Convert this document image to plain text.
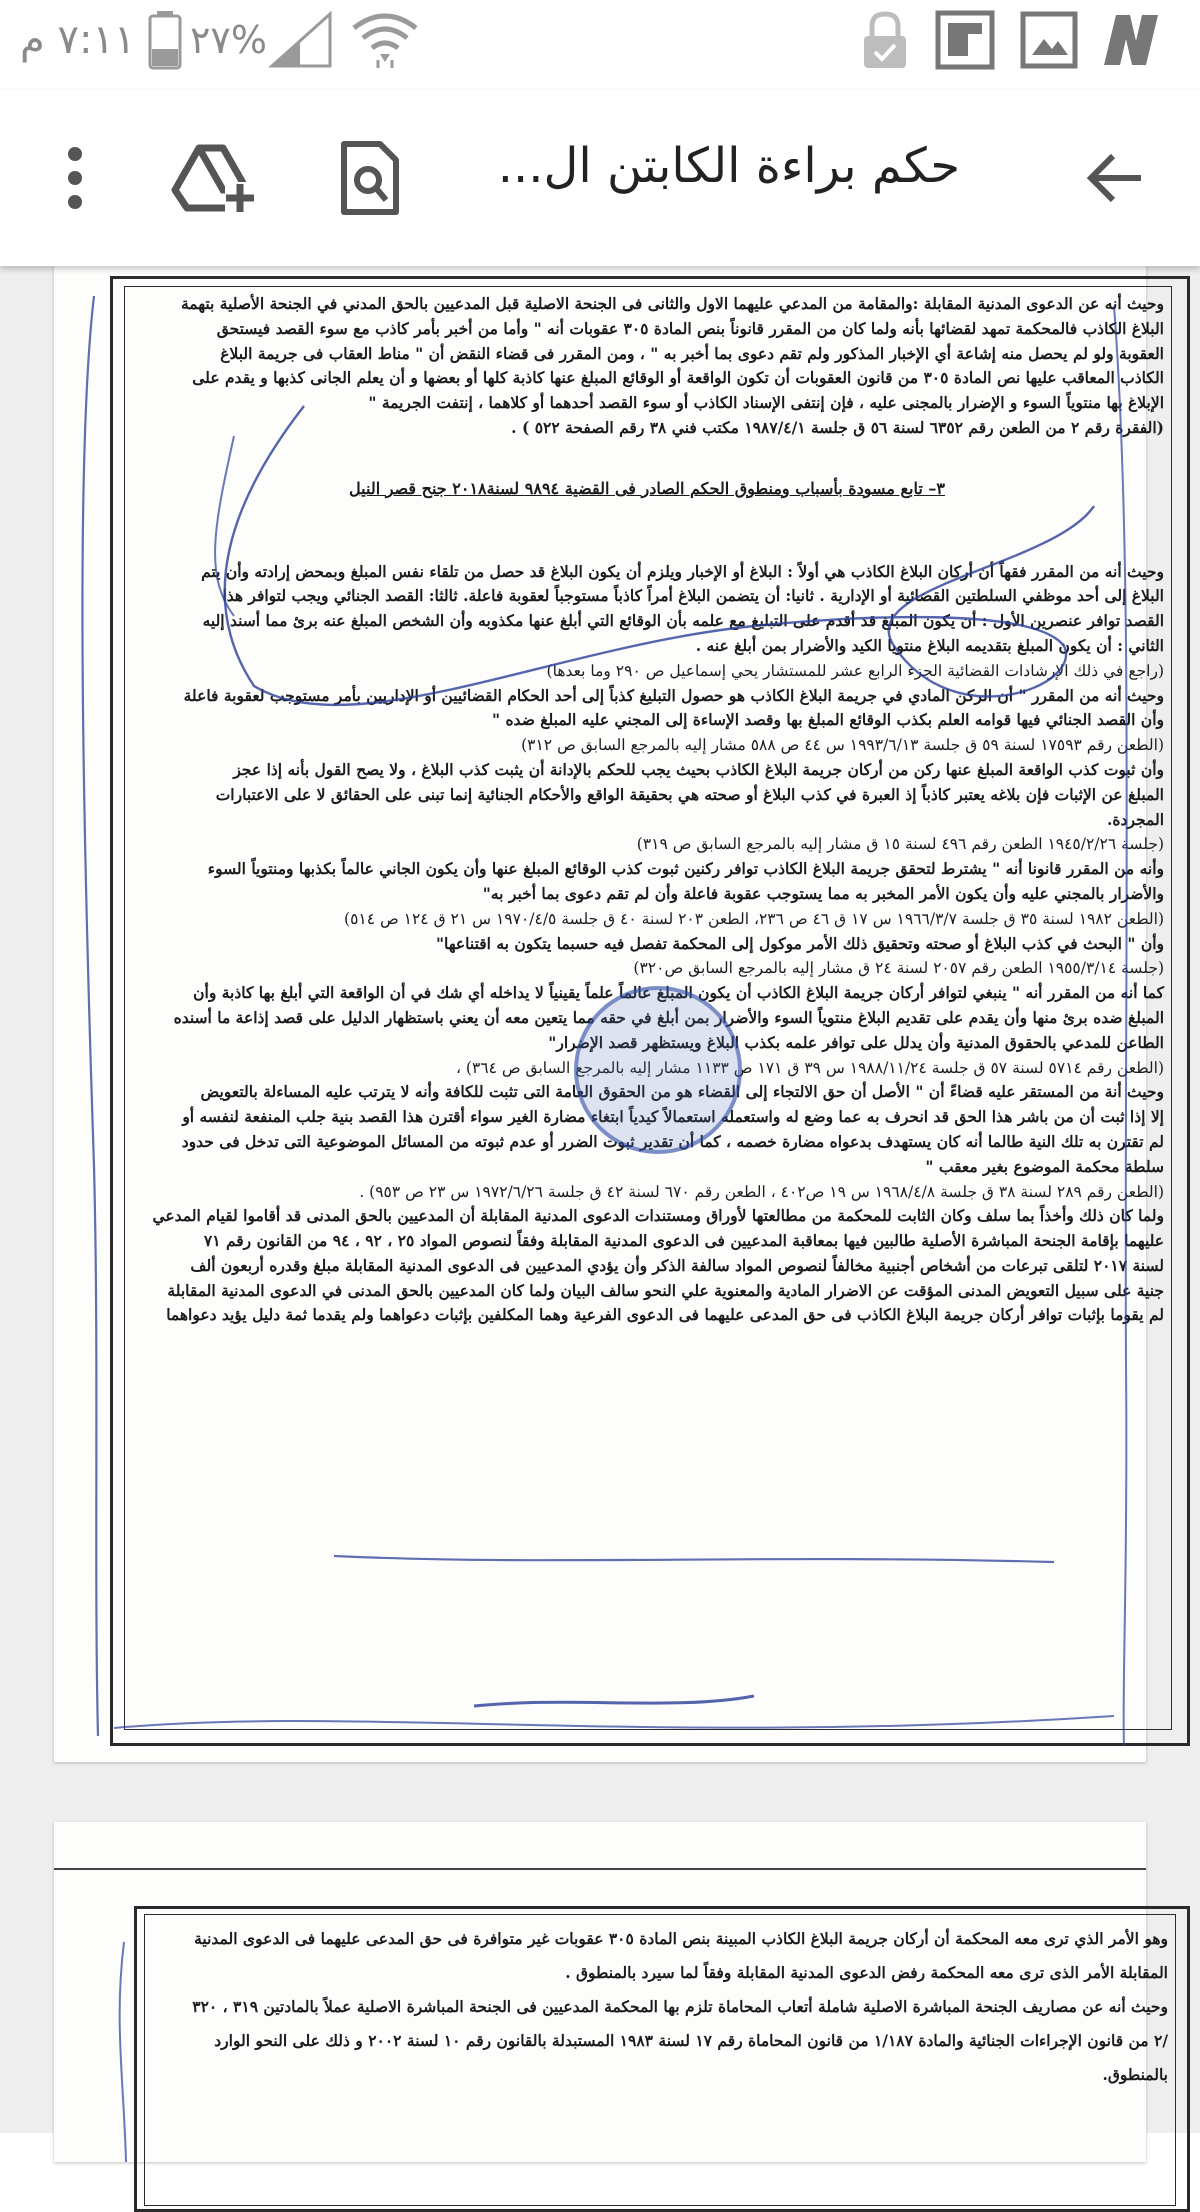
٧:١١ م %٢٧
حكم براءة الكابتن ال...

وحيث أنه عن الدعوى المدنية المقابلة :والمقامة من المدعي عليهما الاول والثانى فى الجنحة الاصلية قبل المدعيين بالحق المدني في الجنحة الأصلية بتهمة

البلاغ الكاذب فالمحكمة تمهد لقضائها بأنه ولما كان من المقرر قانوناً بنص المادة ٣٠٥ عقوبات أنه " وأما من أخبر بأمر كاذب مع سوء القصد فيستحق

العقوبة ولو لم يحصل منه إشاعة أي الإخبار المذكور ولم تقم دعوى بما أخبر به " ، ومن المقرر فى قضاء النقض أن " مناط العقاب فى جريمة البلاغ

الكاذب المعاقب عليها نص المادة ٣٠٥ من قانون العقوبات أن تكون الواقعة أو الوقائع المبلغ عنها كاذبة كلها أو بعضها و أن يعلم الجانى كذبها و يقدم على

الإبلاغ بها منتوياً السوء و الإضرار بالمجنى عليه ، فإن إنتفى الإسناد الكاذب أو سوء القصد أحدهما أو كلاهما ، إنتفت الجريمة "

(الفقرة رقم ٢ من الطعن رقم ٦٣٥٢ لسنة ٥٦ ق جلسة ١٩٨٧/٤/١ مكتب فني ٣٨ رقم الصفحة ٥٢٢ ) .

٣– تابع مسودة بأسباب ومنطوق الحكم الصادر فى القضية ٩٨٩٤ لسنة٢٠١٨ جنح قصر النيل

وحيث أنه من المقرر فقهاً أن أركان البلاغ الكاذب هي أولاً : البلاغ أو الإخبار ويلزم أن يكون البلاغ قد حصل من تلقاء نفس المبلغ وبمحض إرادته وأن يتم

البلاغ إلى أحد موظفي السلطتين القضائية أو الإدارية . ثانيا: أن يتضمن البلاغ أمراً كاذباً مستوجباً لعقوبة فاعلة. ثالثا: القصد الجنائي ويجب لتوافر هذا

القصد توافر عنصرين الأول : أن يكون المبلغ قد أقدم على التبليغ مع علمه بأن الوقائع التي أبلغ عنها مكذوبه وأن الشخص المبلغ عنه برئ مما أسند إليه

الثاني : أن يكون المبلغ بتقديمه البلاغ منتويا الكيد والأضرار بمن أبلغ عنه .

(راجع في ذلك الإرشادات القضائية الجزء الرابع عشر للمستشار يحي إسماعيل ص ٢٩٠ وما بعدها)

وحيث أنه من المقرر " أن الركن المادي في جريمة البلاغ الكاذب هو حصول التبليغ كذباً إلى أحد الحكام القضائيين أو الإداريين بأمر مستوجب لعقوبة فاعلة

وأن القصد الجنائي فيها قوامه العلم بكذب الوقائع المبلغ بها وقصد الإساءة إلى المجني عليه المبلغ ضده "

(الطعن رقم ١٧٥٩٣ لسنة ٥٩ ق جلسة ١٩٩٣/٦/١٣ س ٤٤ ص ٥٨٨ مشار إليه بالمرجع السابق ص ٣١٢)

وأن ثبوت كذب الواقعة المبلغ عنها ركن من أركان جريمة البلاغ الكاذب بحيث يجب للحكم بالإدانة أن يثبت كذب البلاغ ، ولا يصح القول بأنه إذا عجز

المبلغ عن الإثبات فإن بلاغه يعتبر كاذباً إذ العبرة في كذب البلاغ أو صحته هي بحقيقة الواقع والأحكام الجنائية إنما تبنى على الحقائق لا على الاعتبارات

المجردة.

(جلسة ١٩٤٥/٢/٢٦ الطعن رقم ٤٩٦ لسنة ١٥ ق مشار إليه بالمرجع السابق ص ٣١٩)

وأنه من المقرر قانونا أنه " يشترط لتحقق جريمة البلاغ الكاذب توافر ركنين ثبوت كذب الوقائع المبلغ عنها وأن يكون الجاني عالماً بكذبها ومنتوياً السوء

والأضرار بالمجني عليه وأن يكون الأمر المخبر به مما يستوجب عقوبة فاعلة وأن لم تقم دعوى بما أخبر به"

(الطعن ١٩٨٢ لسنة ٣٥ ق جلسة ١٩٦٦/٣/٧ س ١٧ ق ٤٦ ص ٢٣٦، الطعن ٢٠٣ لسنة ٤٠ ق جلسة ١٩٧٠/٤/٥ س ٢١ ق ١٢٤ ص ٥١٤)

وأن " البحث في كذب البلاغ أو صحته وتحقيق ذلك الأمر موكول إلى المحكمة تفصل فيه حسبما يتكون به اقتناعها"

(جلسة ١٩٥٥/٣/١٤ الطعن رقم ٢٠٥٧ لسنة ٢٤ ق مشار إليه بالمرجع السابق ص٣٢٠)

كما أنه من المقرر أنه " ينبغي لتوافر أركان جريمة البلاغ الكاذب أن يكون المبلغ عالماً علماً يقينياً لا يداخله أي شك في أن الواقعة التي أبلغ بها كاذبة وأن

المبلغ ضده برئ منها وأن يقدم على تقديم البلاغ منتوياً السوء والأضرار بمن أبلغ في حقه مما يتعين معه أن يعني باستظهار الدليل على قصد إذاعة ما أسنده

الطاعن للمدعي بالحقوق المدنية وأن يدلل على توافر علمه بكذب البلاغ ويستظهر قصد الإضرار"

(الطعن رقم ٥٧١٤ لسنة ٥٧ ق جلسة ١٩٨٨/١١/٢٤ س ٣٩ ق ١٧١ ص ١١٣٣ مشار إليه بالمرجع السابق ص ٣٦٤) ،

وحيث أنة من المستقر عليه قضاءً أن " الأصل أن حق الالتجاء إلى القضاء هو من الحقوق العامة التى تثبت للكافة وأنه لا يترتب عليه المساءلة بالتعويض

إلا إذا ثبت أن من باشر هذا الحق قد انحرف به عما وضع له واستعمله استعمالاً كيدياً ابتغاء مضارة الغير سواء أقترن هذا القصد بنية جلب المنفعة لنفسه أو

لم تقترن به تلك النية طالما أنه كان يستهدف بدعواه مضارة خصمه ، كما أن تقدير ثبوت الضرر أو عدم ثبوته من المسائل الموضوعية التى تدخل فى حدود

سلطة محكمة الموضوع بغير معقب "

(الطعن رقم ٢٨٩ لسنة ٣٨ ق جلسة ١٩٦٨/٤/٨ س ١٩ ص٤٠٢ ، الطعن رقم ٦٧٠ لسنة ٤٢ ق جلسة ١٩٧٢/٦/٢٦ س ٢٣ ص ٩٥٣) .

ولما كان ذلك وأخذاً بما سلف وكان الثابت للمحكمة من مطالعتها لأوراق ومستندات الدعوى المدنية المقابلة أن المدعيين بالحق المدنى قد أقاموا لقيام المدعي

عليهما بإقامة الجنحة المباشرة الأصلية طالبين فيها بمعاقبة المدعيين فى الدعوى المدنية المقابلة وفقاً لنصوص المواد ٢٥ ، ٩٢ ، ٩٤ من القانون رقم ٧١

لسنة ٢٠١٧ لتلقى تبرعات من أشخاص أجنبية مخالفاً لنصوص المواد سالفة الذكر وأن يؤدي المدعيين فى الدعوى المدنية المقابلة مبلغ وقدره أربعون ألف

جنية على سبيل التعويض المدنى المؤقت عن الاضرار المادية والمعنوية علي النحو سالف البيان ولما كان المدعيين بالحق المدنى في الدعوى المدنية المقابلة

لم يقوما بإثبات توافر أركان جريمة البلاغ الكاذب فى حق المدعى عليهما فى الدعوى الفرعية وهما المكلفين بإثبات دعواهما ولم يقدما ثمة دليل يؤيد دعواهما

وهو الأمر الذي ترى معه المحكمة أن أركان جريمة البلاغ الكاذب المبينة بنص المادة ٣٠٥ عقوبات غير متوافرة فى حق المدعى عليهما فى الدعوى المدنية

المقابلة الأمر الذى ترى معه المحكمة رفض الدعوى المدنية المقابلة وفقاً لما سيرد بالمنطوق .

وحيث أنه عن مصاريف الجنحة المباشرة الاصلية شاملة أتعاب المحاماة تلزم بها المحكمة المدعيين فى الجنحة المباشرة الاصلية عملاً بالمادتين ٣١٩ ، ٣٢٠

/٢ من قانون الإجراءات الجنائية والمادة ١/١٨٧ من قانون المحاماة رقم ١٧ لسنة ١٩٨٣ المستبدلة بالقانون رقم ١٠ لسنة ٢٠٠٢ و ذلك على النحو الوارد

بالمنطوق.
